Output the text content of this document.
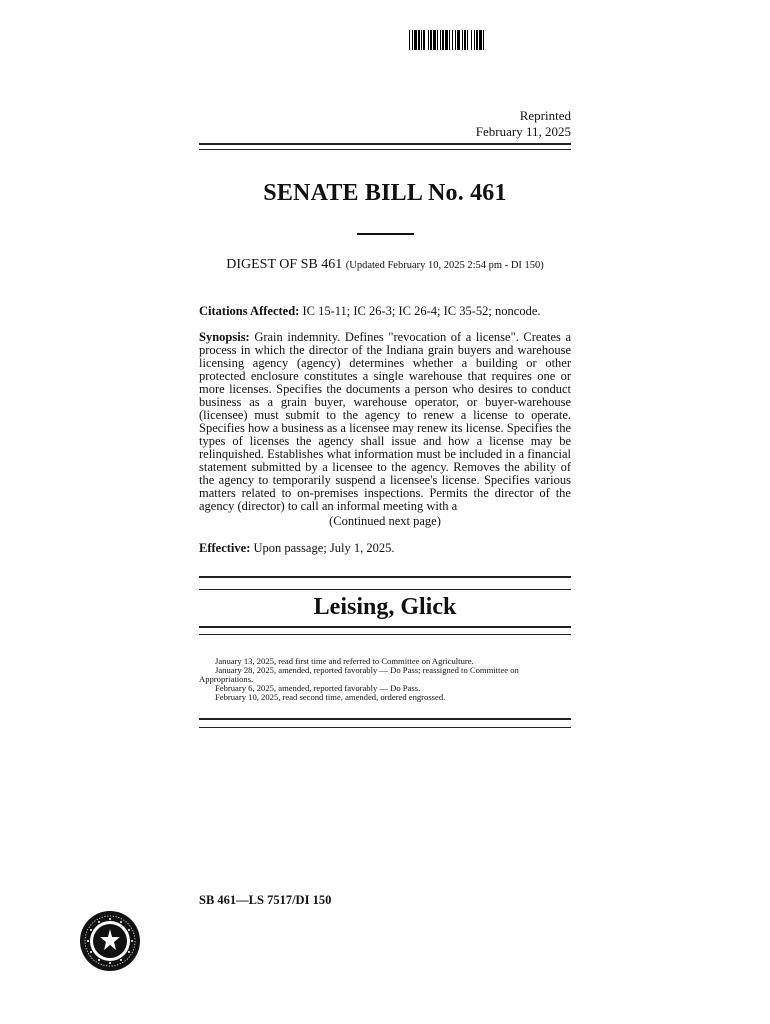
Reprinted
February 11, 2025
SENATE BILL No. 461
DIGEST OF SB 461 (Updated February 10, 2025 2:54 pm - DI 150)
Citations Affected: IC 15-11; IC 26-3; IC 26-4; IC 35-52; noncode.
Synopsis: Grain indemnity. Defines "revocation of a license". Creates a process in which the director of the Indiana grain buyers and warehouse licensing agency (agency) determines whether a building or other protected enclosure constitutes a single warehouse that requires one or more licenses. Specifies the documents a person who desires to conduct business as a grain buyer, warehouse operator, or buyer-warehouse (licensee) must submit to the agency to renew a license to operate. Specifies how a business as a licensee may renew its license. Specifies the types of licenses the agency shall issue and how a license may be relinquished. Establishes what information must be included in a financial statement submitted by a licensee to the agency. Removes the ability of the agency to temporarily suspend a licensee's license. Specifies various matters related to on-premises inspections. Permits the director of the agency (director) to call an informal meeting with a
(Continued next page)
Effective: Upon passage; July 1, 2025.
Leising, Glick
January 13, 2025, read first time and referred to Committee on Agriculture.
January 28, 2025, amended, reported favorably — Do Pass; reassigned to Committee on Appropriations.
February 6, 2025, amended, reported favorably — Do Pass.
February 10, 2025, read second time, amended, ordered engrossed.
SB 461—LS 7517/DI 150
